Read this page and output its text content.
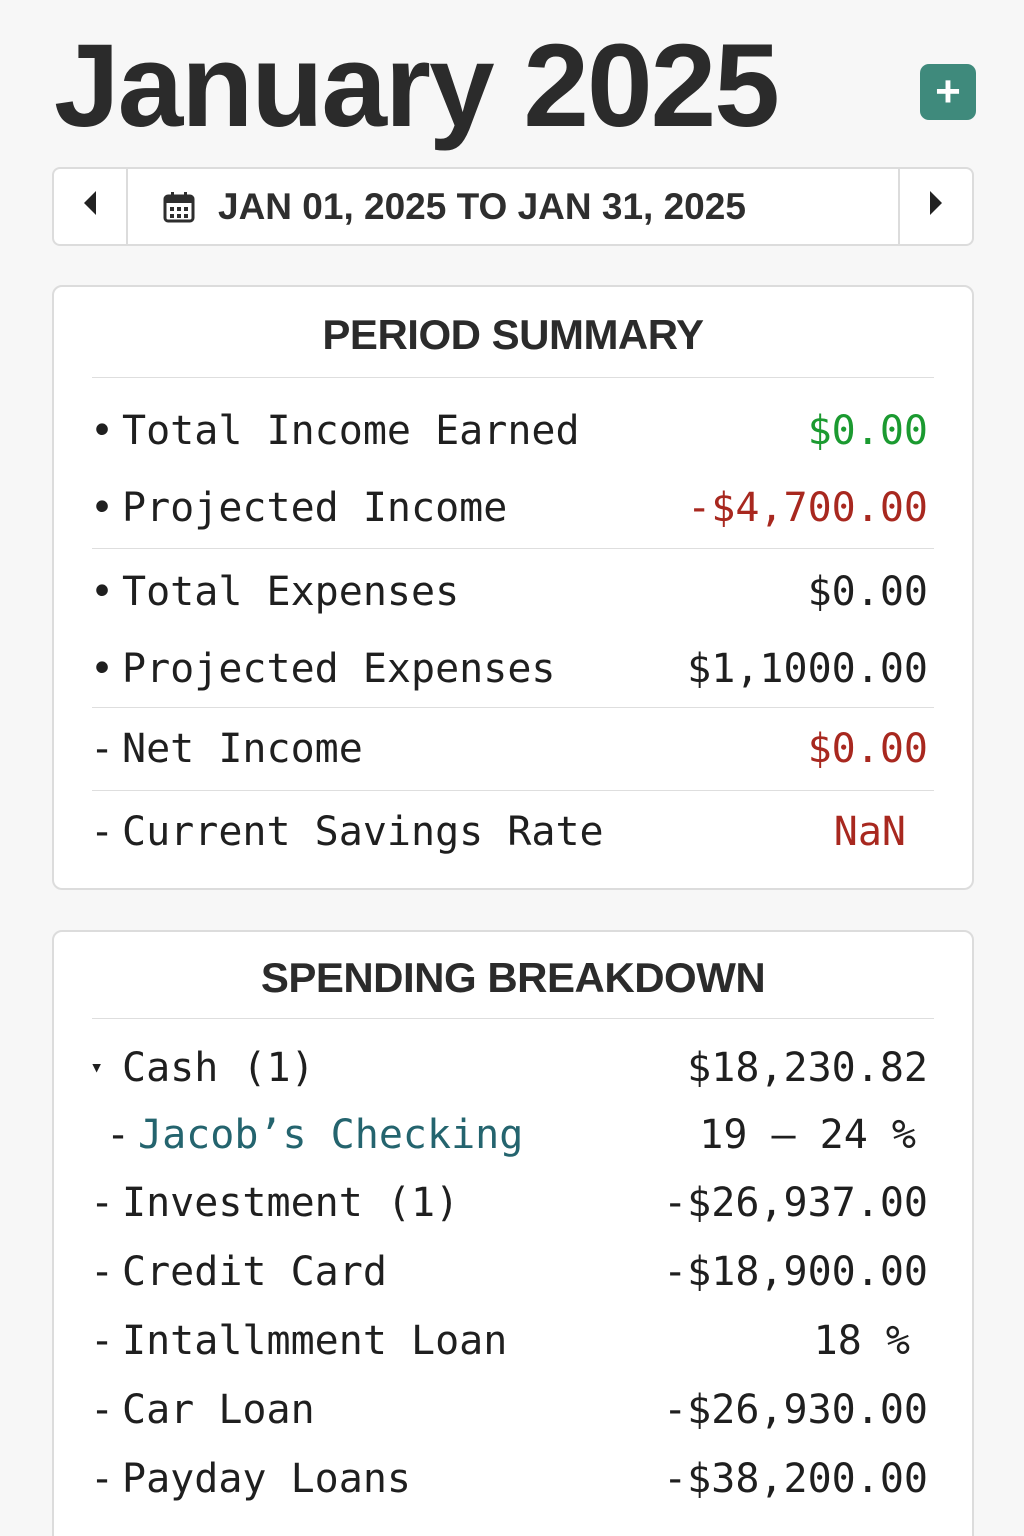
January 2025	+
JAN 01, 2025 TO JAN 31, 2025
PERIOD SUMMARY
• Total Income Earned	$0.00
• Projected Income	-$4,700.00
• Total Expenses	$0.00
• Projected Expenses	$1,1000.00
- Net Income	$0.00
- Current Savings Rate	NaN
SPENDING BREAKDOWN
▾ Cash (1)	$18,230.82
- Jacob’s Checking	19 – 24 %
- Investment (1)	-$26,937.00
- Credit Card	-$18,900.00
- Intallmment Loan	18 %
- Car Loan	-$26,930.00
- Payday Loans	-$38,200.00
